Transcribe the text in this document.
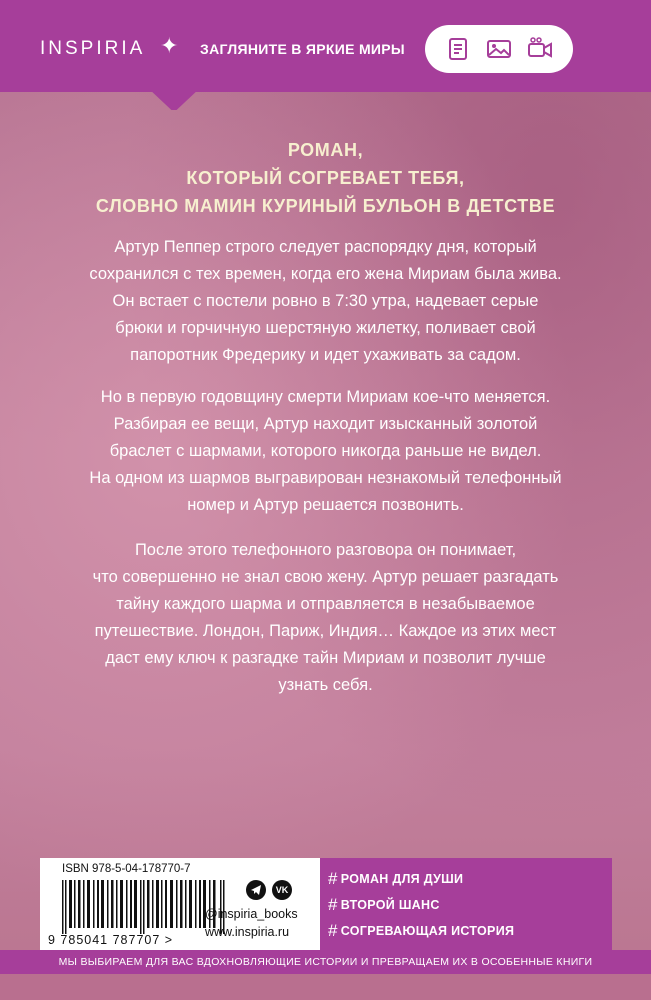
INSPIRIA ✦ ЗАГЛЯНИТЕ В ЯРКИЕ МИРЫ
РОМАН,
КОТОРЫЙ СОГРЕВАЕТ ТЕБЯ,
СЛОВНО МАМИН КУРИНЫЙ БУЛЬОН В ДЕТСТВЕ
Артур Пеппер строго следует распорядку дня, который
сохранился с тех времен, когда его жена Мириам была жива.
Он встает с постели ровно в 7:30 утра, надевает серые
брюки и горчичную шерстяную жилетку, поливает свой
папоротник Фредерику и идет ухаживать за садом.
Но в первую годовщину смерти Мириам кое-что меняется.
Разбирая ее вещи, Артур находит изысканный золотой
браслет с шармами, которого никогда раньше не видел.
На одном из шармов выгравирован незнакомый телефонный
номер и Артур решается позвонить.
После этого телефонного разговора он понимает,
что совершенно не знал свою жену. Артур решает разгадать
тайну каждого шарма и отправляется в незабываемое
путешествие. Лондон, Париж, Индия… Каждое из этих мест
даст ему ключ к разгадке тайн Мириам и позволит лучше
узнать себя.
ISBN 978-5-04-178770-7
9 785041 787707 >
VK
@inspiria_books
www.inspiria.ru
# РОМАН ДЛЯ ДУШИ
# ВТОРОЙ ШАНС
# СОГРЕВАЮЩАЯ ИСТОРИЯ
МЫ ВЫБИРАЕМ ДЛЯ ВАС ВДОХНОВЛЯЮЩИЕ ИСТОРИИ И ПРЕВРАЩАЕМ ИХ В ОСОБЕННЫЕ КНИГИ
